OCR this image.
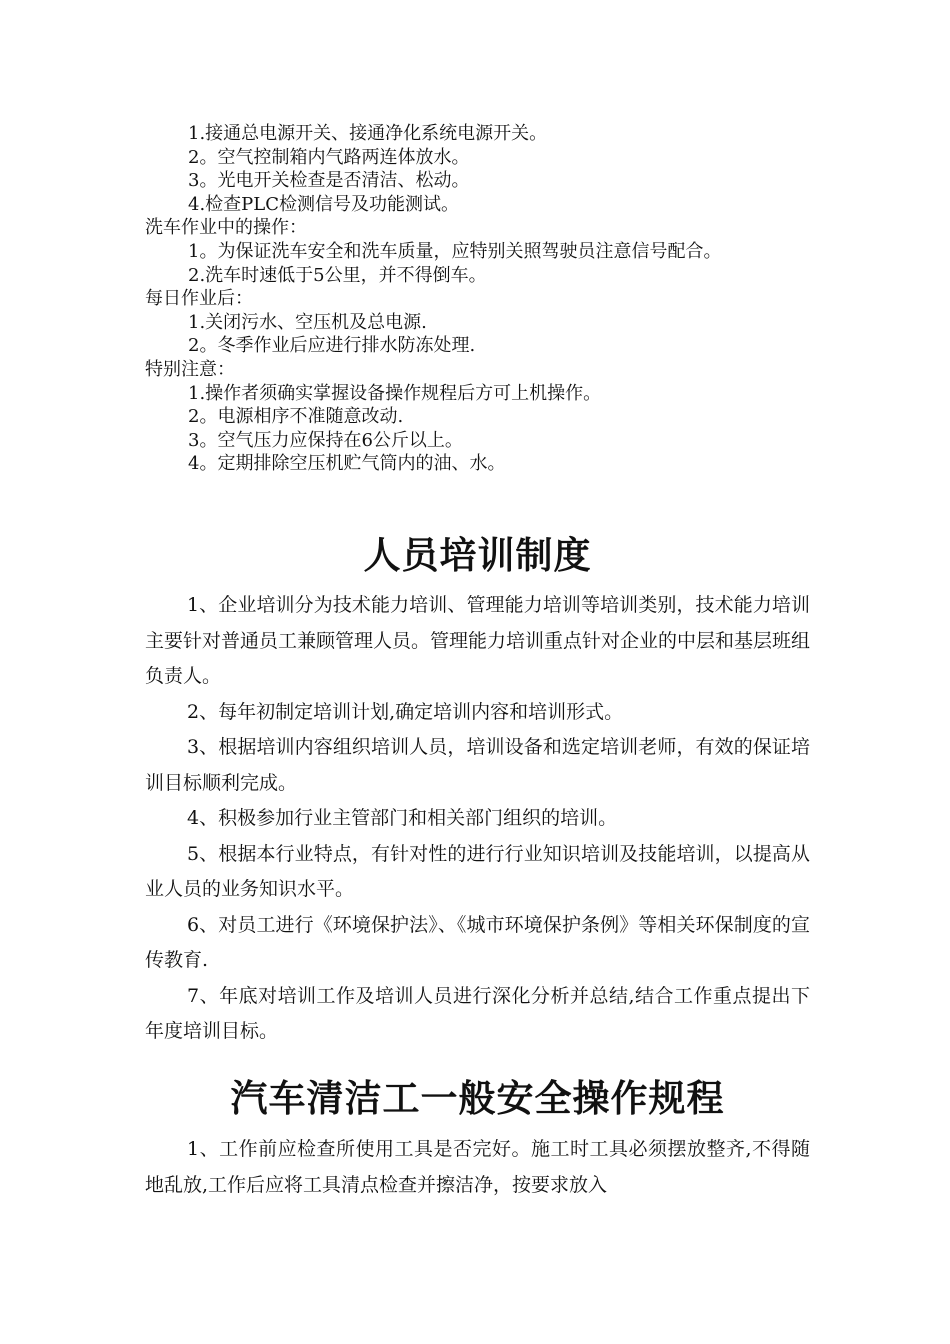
1.接通总电源开关、接通净化系统电源开关。
2。空气控制箱内气路两连体放水。
3。光电开关检查是否清洁、松动。
4.检查PLC检测信号及功能测试。
洗车作业中的操作：
1。为保证洗车安全和洗车质量，应特别关照驾驶员注意信号配合。
2.洗车时速低于5公里，并不得倒车。
每日作业后：
1.关闭污水、空压机及总电源.
2。冬季作业后应进行排水防冻处理.
特别注意：
1.操作者须确实掌握设备操作规程后方可上机操作。
2。电源相序不准随意改动.
3。空气压力应保持在6公斤以上。
4。定期排除空压机贮气筒内的油、水。
人员培训制度

1、企业培训分为技术能力培训、管理能力培训等培训类别，技术能力培训主要针对普通员工兼顾管理人员。管理能力培训重点针对企业的中层和基层班组负责人。

2、每年初制定培训计划,确定培训内容和培训形式。

3、根据培训内容组织培训人员，培训设备和选定培训老师，有效的保证培训目标顺利完成。

4、积极参加行业主管部门和相关部门组织的培训。

5、根据本行业特点，有针对性的进行行业知识培训及技能培训，以提高从业人员的业务知识水平。

6、对员工进行《环境保护法》、《城市环境保护条例》等相关环保制度的宣传教育.

7、年底对培训工作及培训人员进行深化分析并总结,结合工作重点提出下年度培训目标。

汽车清洁工一般安全操作规程

1、工作前应检查所使用工具是否完好。施工时工具必须摆放整齐,不得随地乱放,工作后应将工具清点检查并擦洁净，按要求放入
